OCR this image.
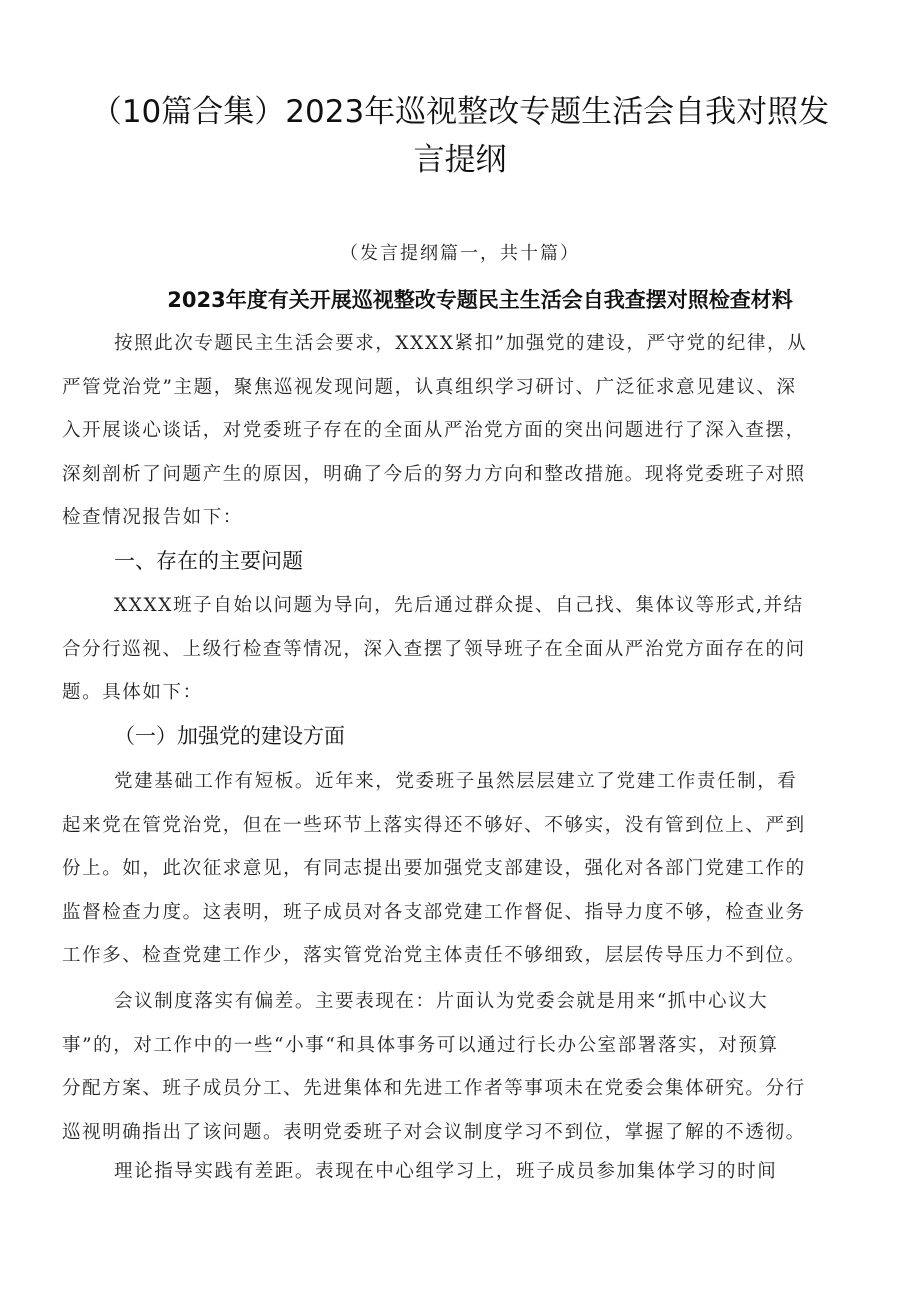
（10篇合集）2023年巡视整改专题生活会自我对照发
言提纲
（发言提纲篇一，共十篇）
2023年度有关开展巡视整改专题民主生活会自我查摆对照检查材料
按照此次专题民主生活会要求，XXXX紧扣”加强党的建设，严守党的纪律，从
严管党治党”主题，聚焦巡视发现问题，认真组织学习研讨、广泛征求意见建议、深
入开展谈心谈话，对党委班子存在的全面从严治党方面的突出问题进行了深入查摆，
深刻剖析了问题产生的原因，明确了今后的努力方向和整改措施。现将党委班子对照
检查情况报告如下：
一、存在的主要问题
XXXX班子自始以问题为导向，先后通过群众提、自己找、集体议等形式,并结
合分行巡视、上级行检查等情况，深入查摆了领导班子在全面从严治党方面存在的问
题。具体如下：
（一）加强党的建设方面
党建基础工作有短板。近年来，党委班子虽然层层建立了党建工作责任制，看
起来党在管党治党，但在一些环节上落实得还不够好、不够实，没有管到位上、严到
份上。如，此次征求意见，有同志提出要加强党支部建设，强化对各部门党建工作的
监督检查力度。这表明，班子成员对各支部党建工作督促、指导力度不够，检查业务
工作多、检查党建工作少，落实管党治党主体责任不够细致，层层传导压力不到位。
会议制度落实有偏差。主要表现在：片面认为党委会就是用来“抓中心议大
事”的，对工作中的一些“小事“和具体事务可以通过行长办公室部署落实，对预算
分配方案、班子成员分工、先进集体和先进工作者等事项未在党委会集体研究。分行
巡视明确指出了该问题。表明党委班子对会议制度学习不到位，掌握了解的不透彻。
理论指导实践有差距。表现在中心组学习上，班子成员参加集体学习的时间
